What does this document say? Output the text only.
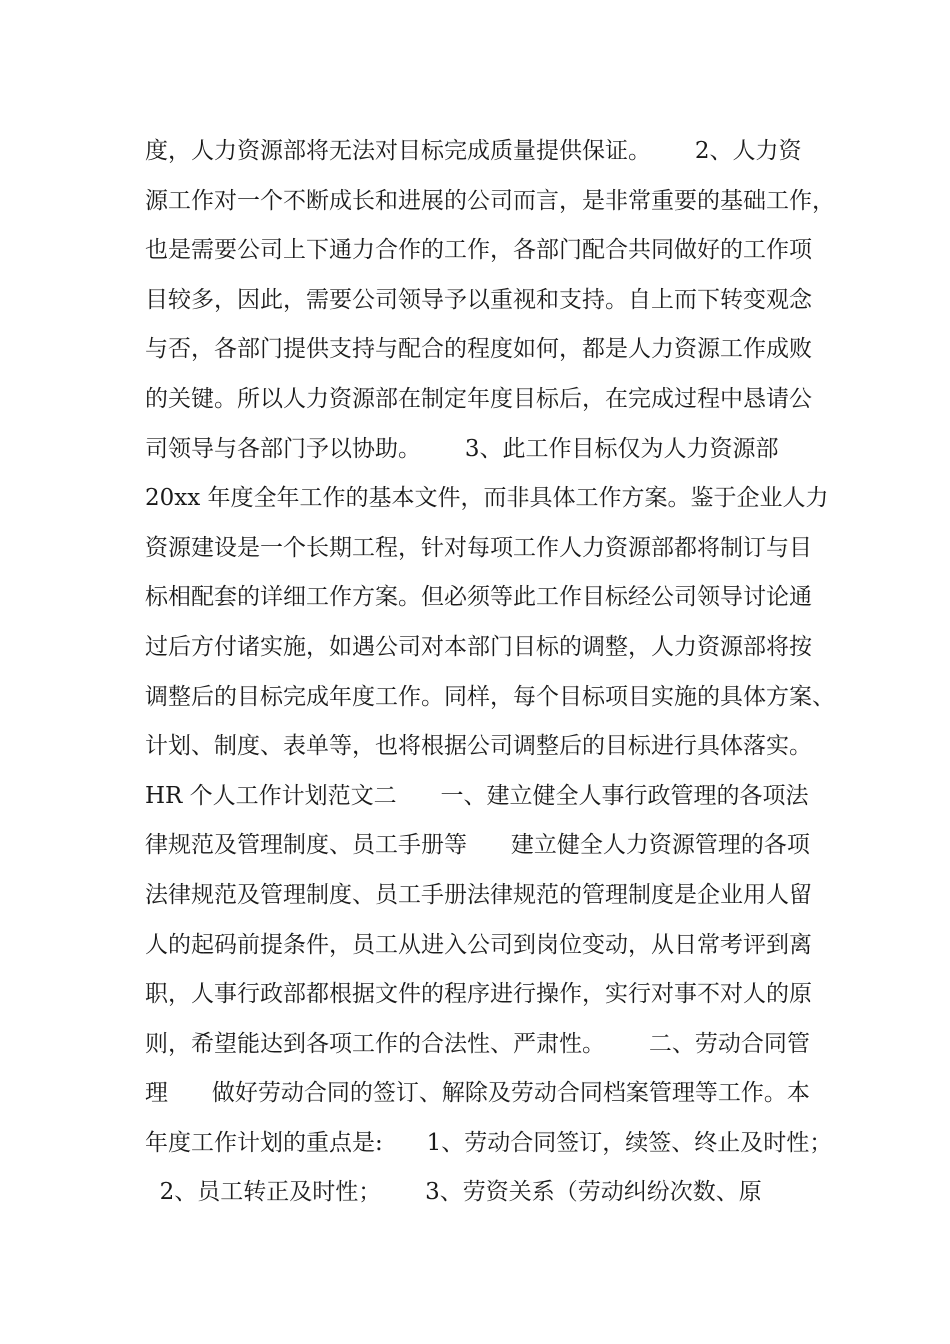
度，人力资源部将无法对目标完成质量提供保证。      2、人力资
源工作对一个不断成长和进展的公司而言，是非常重要的基础工作，
也是需要公司上下通力合作的工作，各部门配合共同做好的工作项
目较多，因此，需要公司领导予以重视和支持。自上而下转变观念
与否，各部门提供支持与配合的程度如何，都是人力资源工作成败
的关键。所以人力资源部在制定年度目标后，在完成过程中恳请公
司领导与各部门予以协助。      3、此工作目标仅为人力资源部
20xx 年度全年工作的基本文件，而非具体工作方案。鉴于企业人力
资源建设是一个长期工程，针对每项工作人力资源部都将制订与目
标相配套的详细工作方案。但必须等此工作目标经公司领导讨论通
过后方付诸实施，如遇公司对本部门目标的调整，人力资源部将按
调整后的目标完成年度工作。同样，每个目标项目实施的具体方案、
计划、制度、表单等，也将根据公司调整后的目标进行具体落实。
HR 个人工作计划范文二      一、建立健全人事行政管理的各项法
律规范及管理制度、员工手册等      建立健全人力资源管理的各项
法律规范及管理制度、员工手册法律规范的管理制度是企业用人留
人的起码前提条件，员工从进入公司到岗位变动，从日常考评到离
职，人事行政部都根据文件的程序进行操作，实行对事不对人的原
则，希望能达到各项工作的合法性、严肃性。      二、劳动合同管
理      做好劳动合同的签订、解除及劳动合同档案管理等工作。本
年度工作计划的重点是:      1、劳动合同签订，续签、终止及时性；
2、员工转正及时性；      3、劳资关系（劳动纠纷次数、原
